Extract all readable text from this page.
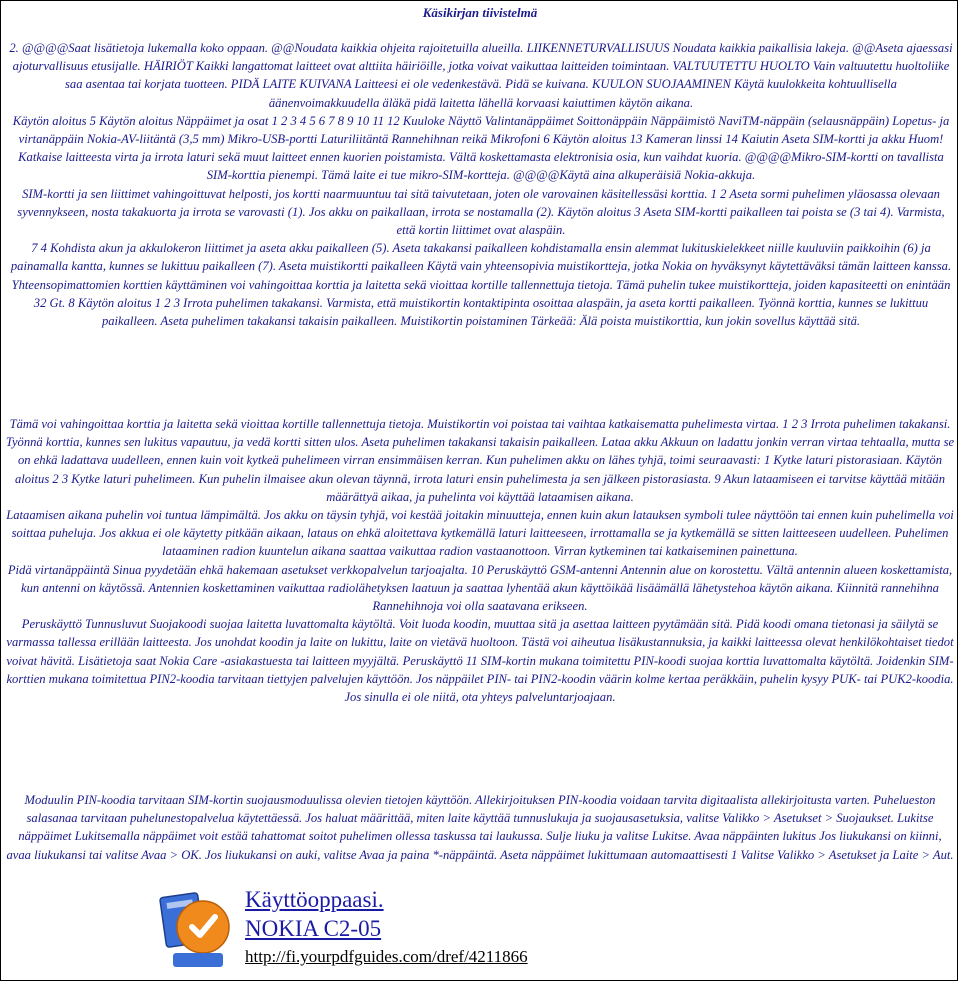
Käsikirjan tiivistelmä

2. @@@@Saat lisätietoja lukemalla koko oppaan. @@Noudata kaikkia ohjeita rajoitetuilla alueilla. LIIKENNETURVALLISUUS Noudata kaikkia paikallisia lakeja. @@Aseta ajaessasi ajoturvallisuus etusijalle. HÄIRIÖT Kaikki langattomat laitteet ovat alttiita häiriöille, jotka voivat vaikuttaa laitteiden toimintaan. VALTUUTETTU HUOLTO Vain valtuutettu huoltoliike saa asentaa tai korjata tuotteen. PIDÄ LAITE KUIVANA Laitteesi ei ole vedenkestävä. Pidä se kuivana. KUULON SUOJAAMINEN Käytä kuulokkeita kohtuullisella äänenvoimakkuudella äläkä pidä laitetta lähellä korvaasi kaiuttimen käytön aikana.

Käytön aloitus 5 Käytön aloitus Näppäimet ja osat 1 2 3 4 5 6 7 8 9 10 11 12 Kuuloke Näyttö Valintanäppäimet Soittonäppäin Näppäimistö NaviTM-näppäin (selausnäppäin) Lopetus- ja virtanäppäin Nokia-AV-liitäntä (3,5 mm) Mikro-USB-portti Laturiliitäntä Rannehihnan reikä Mikrofoni 6 Käytön aloitus 13 Kameran linssi 14 Kaiutin Aseta SIM-kortti ja akku Huom! Katkaise laitteesta virta ja irrota laturi sekä muut laitteet ennen kuorien poistamista. Vältä koskettamasta elektronisia osia, kun vaihdat kuoria. @@@@Mikro-SIM-kortti on tavallista SIM-korttia pienempi. Tämä laite ei tue mikro-SIM-kortteja. @@@@Käytä aina alkuperäisiä Nokia-akkuja.

SIM-kortti ja sen liittimet vahingoittuvat helposti, jos kortti naarmuuntuu tai sitä taivutetaan, joten ole varovainen käsitellessäsi korttia. 1 2 Aseta sormi puhelimen yläosassa olevaan syvennykseen, nosta takakuorta ja irrota se varovasti (1). Jos akku on paikallaan, irrota se nostamalla (2). Käytön aloitus 3 Aseta SIM-kortti paikalleen tai poista se (3 tai 4). Varmista, että kortin liittimet ovat alaspäin.

7 4 Kohdista akun ja akkulokeron liittimet ja aseta akku paikalleen (5). Aseta takakansi paikalleen kohdistamalla ensin alemmat lukituskielekkeet niille kuuluviin paikkoihin (6) ja painamalla kantta, kunnes se lukittuu paikalleen (7). Aseta muistikortti paikalleen Käytä vain yhteensopivia muistikortteja, jotka Nokia on hyväksynyt käytettäväksi tämän laitteen kanssa. Yhteensopimattomien korttien käyttäminen voi vahingoittaa korttia ja laitetta sekä vioittaa kortille tallennettuja tietoja. Tämä puhelin tukee muistikortteja, joiden kapasiteetti on enintään 32 Gt. 8 Käytön aloitus 1 2 3 Irrota puhelimen takakansi. Varmista, että muistikortin kontaktipinta osoittaa alaspäin, ja aseta kortti paikalleen. Työnnä korttia, kunnes se lukittuu paikalleen. Aseta puhelimen takakansi takaisin paikalleen. Muistikortin poistaminen Tärkeää: Älä poista muistikorttia, kun jokin sovellus käyttää sitä.

Tämä voi vahingoittaa korttia ja laitetta sekä vioittaa kortille tallennettuja tietoja. Muistikortin voi poistaa tai vaihtaa katkaisematta puhelimesta virtaa. 1 2 3 Irrota puhelimen takakansi. Työnnä korttia, kunnes sen lukitus vapautuu, ja vedä kortti sitten ulos. Aseta puhelimen takakansi takaisin paikalleen. Lataa akku Akkuun on ladattu jonkin verran virtaa tehtaalla, mutta se on ehkä ladattava uudelleen, ennen kuin voit kytkeä puhelimeen virran ensimmäisen kerran. Kun puhelimen akku on lähes tyhjä, toimi seuraavasti: 1 Kytke laturi pistorasiaan. Käytön aloitus 2 3 Kytke laturi puhelimeen. Kun puhelin ilmaisee akun olevan täynnä, irrota laturi ensin puhelimesta ja sen jälkeen pistorasiasta. 9 Akun lataamiseen ei tarvitse käyttää mitään määrättyä aikaa, ja puhelinta voi käyttää lataamisen aikana.

Lataamisen aikana puhelin voi tuntua lämpimältä. Jos akku on täysin tyhjä, voi kestää joitakin minuutteja, ennen kuin akun latauksen symboli tulee näyttöön tai ennen kuin puhelimella voi soittaa puheluja. Jos akkua ei ole käytetty pitkään aikaan, lataus on ehkä aloitettava kytkemällä laturi laitteeseen, irrottamalla se ja kytkemällä se sitten laitteeseen uudelleen. Puhelimen lataaminen radion kuuntelun aikana saattaa vaikuttaa radion vastaanottoon. Virran kytkeminen tai katkaiseminen painettuna.

Pidä virtanäppäintä Sinua pyydetään ehkä hakemaan asetukset verkkopalvelun tarjoajalta. 10 Peruskäyttö GSM-antenni Antennin alue on korostettu. Vältä antennin alueen koskettamista, kun antenni on käytössä. Antennien koskettaminen vaikuttaa radiolähetyksen laatuun ja saattaa lyhentää akun käyttöikää lisäämällä lähetystehoa käytön aikana. Kiinnitä rannehihna Rannehihnoja voi olla saatavana erikseen.

Peruskäyttö Tunnusluvut Suojakoodi suojaa laitetta luvattomalta käytöltä. Voit luoda koodin, muuttaa sitä ja asettaa laitteen pyytämään sitä. Pidä koodi omana tietonasi ja säilytä se varmassa tallessa erillään laitteesta. Jos unohdat koodin ja laite on lukittu, laite on vietävä huoltoon. Tästä voi aiheutua lisäkustannuksia, ja kaikki laitteessa olevat henkilökohtaiset tiedot voivat hävitä. Lisätietoja saat Nokia Care -asiakastuesta tai laitteen myyjältä. Peruskäyttö 11 SIM-kortin mukana toimitettu PIN-koodi suojaa korttia luvattomalta käytöltä. Joidenkin SIM-korttien mukana toimitettua PIN2-koodia tarvitaan tiettyjen palvelujen käyttöön. Jos näppäilet PIN- tai PIN2-koodin väärin kolme kertaa peräkkäin, puhelin kysyy PUK- tai PUK2-koodia. Jos sinulla ei ole niitä, ota yhteys palveluntarjoajaan.

Moduulin PIN-koodia tarvitaan SIM-kortin suojausmoduulissa olevien tietojen käyttöön. Allekirjoituksen PIN-koodia voidaan tarvita digitaalista allekirjoitusta varten. Puhelueston salasanaa tarvitaan puhelunestopalvelua käytettäessä. Jos haluat määrittää, miten laite käyttää tunnuslukuja ja suojausasetuksia, valitse Valikko > Asetukset > Suojaukset. Lukitse näppäimet Lukitsemalla näppäimet voit estää tahattomat soitot puhelimen ollessa taskussa tai laukussa. Sulje liuku ja valitse Lukitse. Avaa näppäinten lukitus Jos liukukansi on kiinni, avaa liukukansi tai valitse Avaa > OK. Jos liukukansi on auki, valitse Avaa ja paina *-näppäintä. Aseta näppäimet lukittumaan automaattisesti 1 Valitse Valikko > Asetukset ja Laite > Aut.

Käyttöoppaasi.
NOKIA C2-05
http://fi.yourpdfguides.com/dref/4211866
